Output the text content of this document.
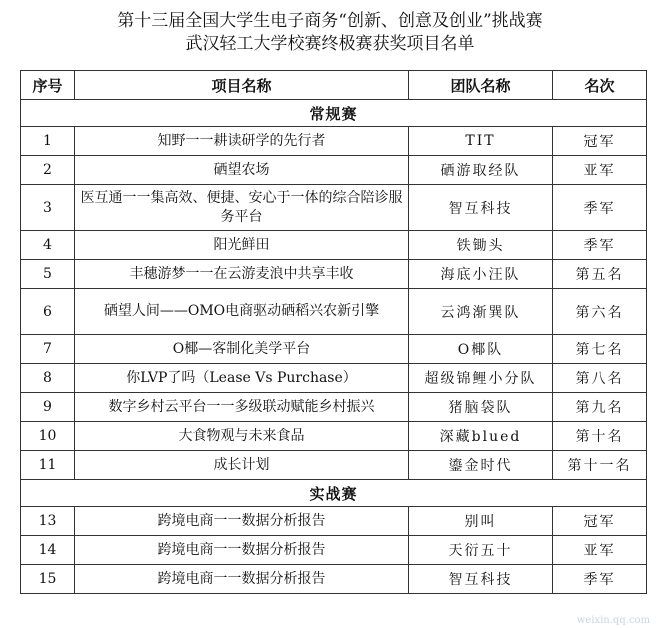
第十三届全国大学生电子商务“创新、创意及创业”挑战赛
武汉轻工大学校赛终极赛获奖项目名单
序号	项目名称	团队名称	名次
常规赛			
1	知野一一耕读研学的先行者	TIT	冠军
2	硒望农场	硒游取经队	亚军
3	医互通一一集高效、便捷、安心于一体的综合陪诊服务平台	智互科技	季军
4	阳光鲜田	铁锄头	季军
5	丰穗游梦一一在云游麦浪中共享丰收	海底小汪队	第五名
6	硒望人间——OMO电商驱动硒稻兴农新引擎	云鸿渐巽队	第六名
7	O椰—客制化美学平台	O椰队	第七名
8	你LVP了吗（Lease Vs Purchase）	超级锦鲤小分队	第八名
9	数字乡村云平台一一多级联动赋能乡村振兴	猪脑袋队	第九名
10	大食物观与未来食品	深藏blued	第十名
11	成长计划	鎏金时代	第十一名
实战赛			
13	跨境电商一一数据分析报告	别叫	冠军
14	跨境电商一一数据分析报告	天衍五十	亚军
15	跨境电商一一数据分析报告	智互科技	季军
weixin.qq.com
